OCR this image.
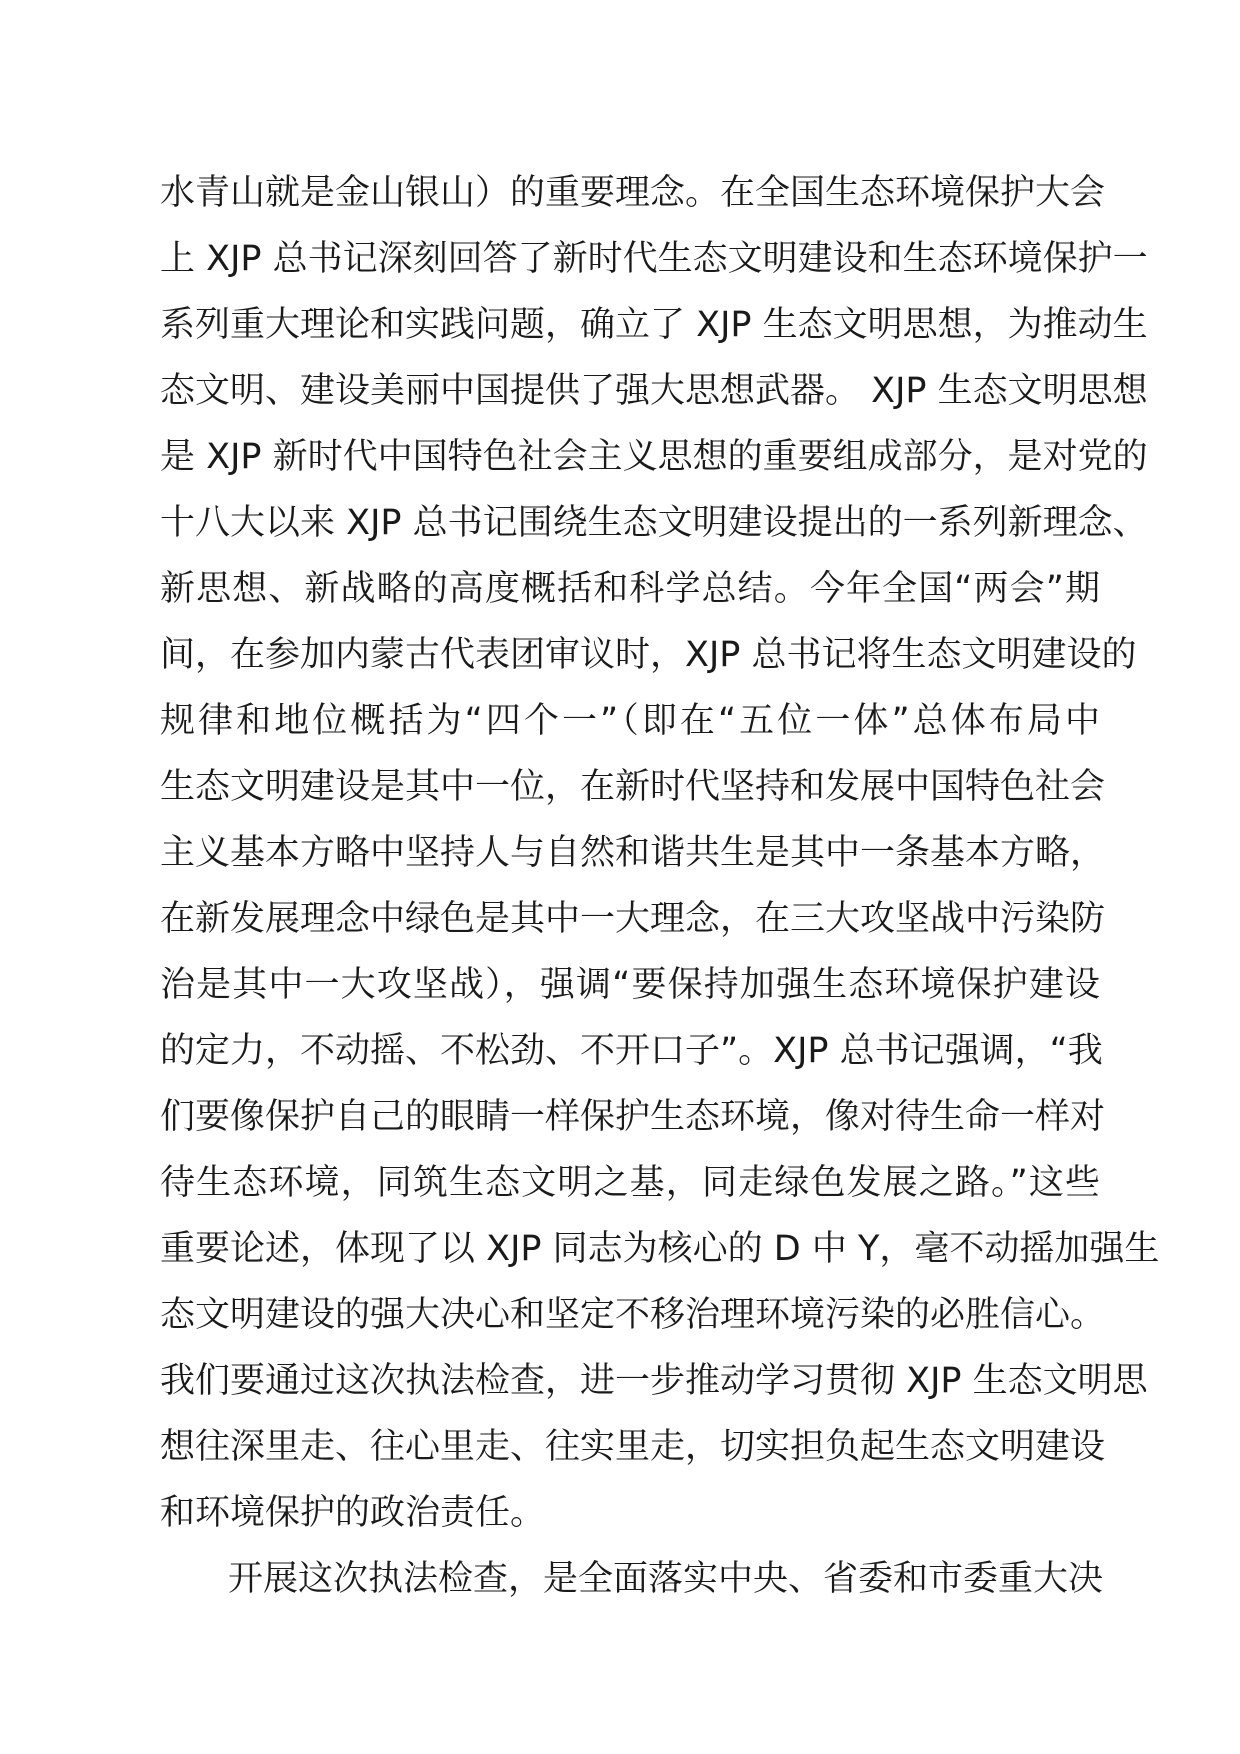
水青山就是金山银山）的重要理念。在全国生态环境保护大会
上 XJP 总书记深刻回答了新时代生态文明建设和生态环境保护一
系列重大理论和实践问题，确立了 XJP 生态文明思想，为推动生
态文明、建设美丽中国提供了强大思想武器。 XJP 生态文明思想
是 XJP 新时代中国特色社会主义思想的重要组成部分，是对党的
十八大以来 XJP 总书记围绕生态文明建设提出的一系列新理念、
新思想、新战略的高度概括和科学总结。今年全国“两会”期
间，在参加内蒙古代表团审议时，XJP 总书记将生态文明建设的
规律和地位概括为“四个一”（即在“五位一体”总体布局中
生态文明建设是其中一位，在新时代坚持和发展中国特色社会
主义基本方略中坚持人与自然和谐共生是其中一条基本方略，
在新发展理念中绿色是其中一大理念，在三大攻坚战中污染防
治是其中一大攻坚战），强调“要保持加强生态环境保护建设
的定力，不动摇、不松劲、不开口子”。XJP 总书记强调，“我
们要像保护自己的眼睛一样保护生态环境，像对待生命一样对
待生态环境，同筑生态文明之基，同走绿色发展之路。”这些
重要论述，体现了以 XJP 同志为核心的 D 中 Y，毫不动摇加强生
态文明建设的强大决心和坚定不移治理环境污染的必胜信心。
我们要通过这次执法检查，进一步推动学习贯彻 XJP 生态文明思
想往深里走、往心里走、往实里走，切实担负起生态文明建设
和环境保护的政治责任。
开展这次执法检查，是全面落实中央、省委和市委重大决
